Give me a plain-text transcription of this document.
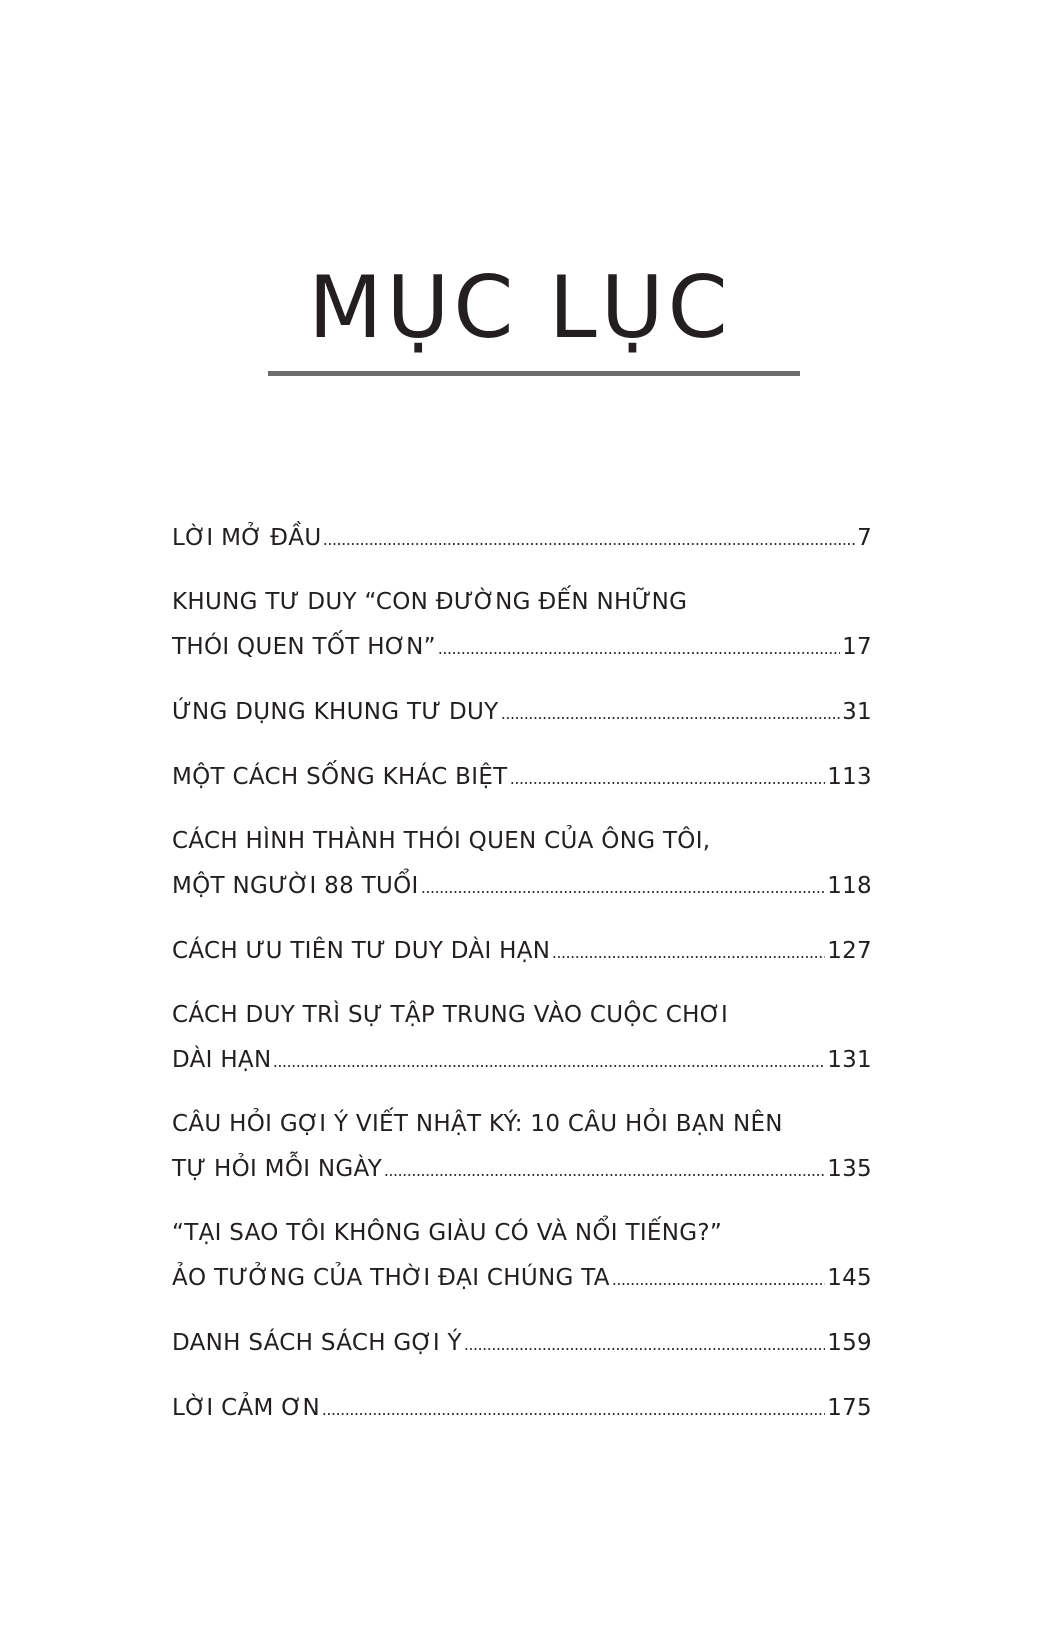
MỤC LỤC
LỜI MỞ ĐẦU	7
KHUNG TƯ DUY “CON ĐƯỜNG ĐẾN NHỮNG
THÓI QUEN TỐT HƠN”	17
ỨNG DỤNG KHUNG TƯ DUY	31
MỘT CÁCH SỐNG KHÁC BIỆT	113
CÁCH HÌNH THÀNH THÓI QUEN CỦA ÔNG TÔI,
MỘT NGƯỜI 88 TUỔI	118
CÁCH ƯU TIÊN TƯ DUY DÀI HẠN	127
CÁCH DUY TRÌ SỰ TẬP TRUNG VÀO CUỘC CHƠI
DÀI HẠN	131
CÂU HỎI GỢI Ý VIẾT NHẬT KÝ: 10 CÂU HỎI BẠN NÊN
TỰ HỎI MỖI NGÀY	135
“TẠI SAO TÔI KHÔNG GIÀU CÓ VÀ NỔI TIẾNG?”
ẢO TƯỞNG CỦA THỜI ĐẠI CHÚNG TA	145
DANH SÁCH SÁCH GỢI Ý	159
LỜI CẢM ƠN	175
